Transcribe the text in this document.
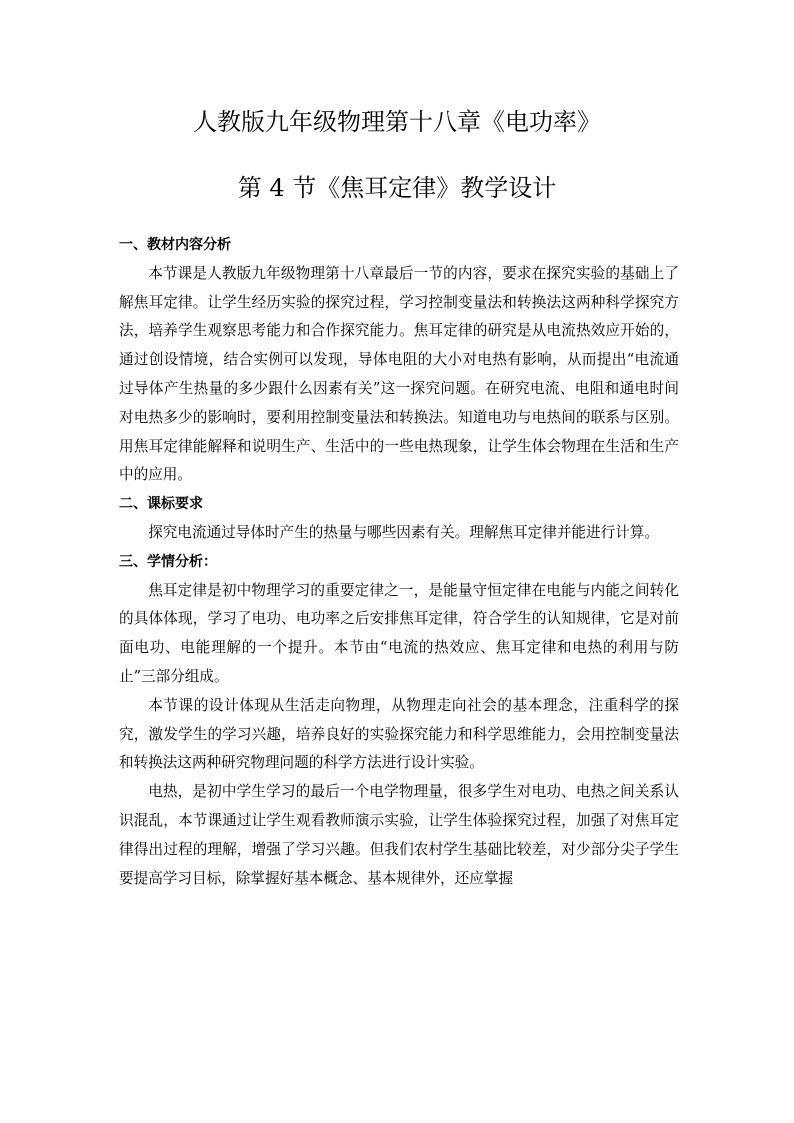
人教版九年级物理第十八章《电功率》
第 4 节《焦耳定律》教学设计

一、教材内容分析

本节课是人教版九年级物理第十八章最后一节的内容，要求在探究实验的基础上了解焦耳定律。让学生经历实验的探究过程，学习控制变量法和转换法这两种科学探究方法，培养学生观察思考能力和合作探究能力。焦耳定律的研究是从电流热效应开始的，通过创设情境，结合实例可以发现，导体电阻的大小对电热有影响，从而提出“电流通过导体产生热量的多少跟什么因素有关”这一探究问题。在研究电流、电阻和通电时间对电热多少的影响时，要利用控制变量法和转换法。知道电功与电热间的联系与区别。用焦耳定律能解释和说明生产、生活中的一些电热现象，让学生体会物理在生活和生产中的应用。

二、课标要求

探究电流通过导体时产生的热量与哪些因素有关。理解焦耳定律并能进行计算。

三、学情分析：

焦耳定律是初中物理学习的重要定律之一，是能量守恒定律在电能与内能之间转化的具体体现，学习了电功、电功率之后安排焦耳定律，符合学生的认知规律，它是对前面电功、电能理解的一个提升。本节由“电流的热效应、焦耳定律和电热的利用与防止”三部分组成。

本节课的设计体现从生活走向物理，从物理走向社会的基本理念，注重科学的探究，激发学生的学习兴趣，培养良好的实验探究能力和科学思维能力，会用控制变量法和转换法这两种研究物理问题的科学方法进行设计实验。

电热，是初中学生学习的最后一个电学物理量，很多学生对电功、电热之间关系认识混乱，本节课通过让学生观看教师演示实验，让学生体验探究过程，加强了对焦耳定律得出过程的理解，增强了学习兴趣。但我们农村学生基础比较差，对少部分尖子学生要提高学习目标，除掌握好基本概念、基本规律外，还应掌握
